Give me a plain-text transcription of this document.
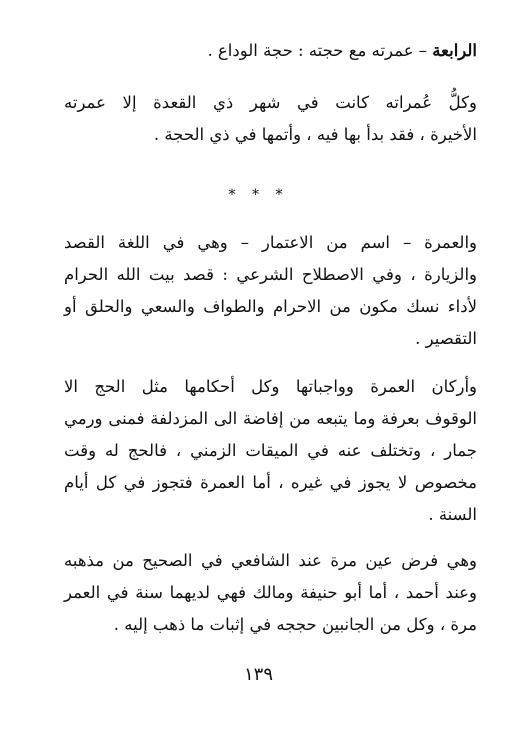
الرابعة – عمرته مع حجته : حجة الوداع .
وكلُّ عُمراته كانت في شهر ذي القعدة إلا عمرته
الأخيرة ، فقد بدأ بها فيه ، وأتمها في ذي الحجة .
* * *
والعمرة – اسم من الاعتمار – وهي في اللغة القصد
والزيارة ، وفي الاصطلاح الشرعي : قصد بيت الله الحرام
لأداء نسك مكون من الاحرام والطواف والسعي والحلق أو
التقصير .
وأركان العمرة وواجباتها وكل أحكامها مثل الحج الا
الوقوف بعرفة وما يتبعه من إفاضة الى المزدلفة فمنى ورمي
جمار ، وتختلف عنه في الميقات الزمني ، فالحج له وقت
مخصوص لا يجوز في غيره ، أما العمرة فتجوز في كل أيام
السنة .
وهي فرض عين مرة عند الشافعي في الصحيح من مذهبه
وعند أحمد ، أما أبو حنيفة ومالك فهي لديهما سنة في العمر
مرة ، وكل من الجانبين حججه في إثبات ما ذهب إليه .
١٣٩
